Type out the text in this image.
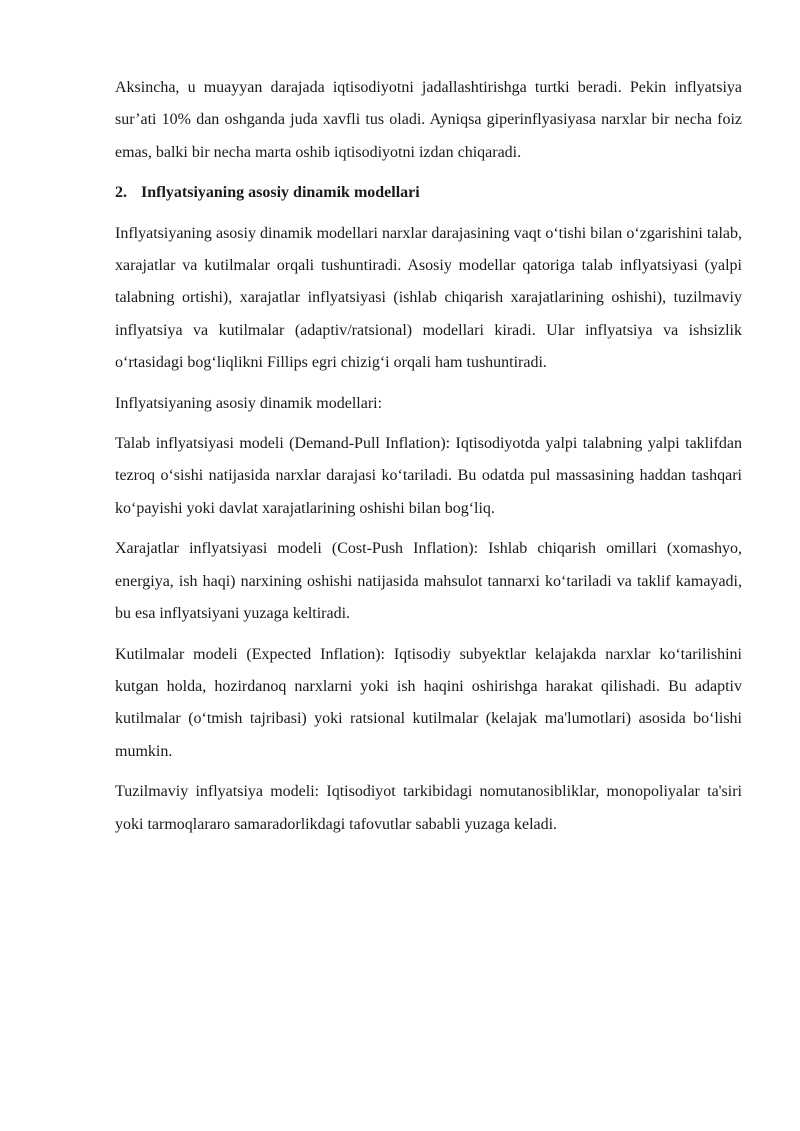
Aksincha, u muayyan darajada iqtisodiyotni jadallashtirishga turtki beradi. Pekin inflyatsiya sur’ati 10% dan oshganda juda xavfli tus oladi. Ayniqsa giperinflyasiyasa narxlar bir necha foiz emas, balki bir necha marta oshib iqtisodiyotni izdan chiqaradi.

2. Inflyatsiyaning asosiy dinamik modellari

Inflyatsiyaning asosiy dinamik modellari narxlar darajasining vaqt o‘tishi bilan o‘zgarishini talab, xarajatlar va kutilmalar orqali tushuntiradi. Asosiy modellar qatoriga talab inflyatsiyasi (yalpi talabning ortishi), xarajatlar inflyatsiyasi (ishlab chiqarish xarajatlarining oshishi), tuzilmaviy inflyatsiya va kutilmalar (adaptiv/ratsional) modellari kiradi. Ular inflyatsiya va ishsizlik o‘rtasidagi bog‘liqlikni Fillips egri chizig‘i orqali ham tushuntiradi.

Inflyatsiyaning asosiy dinamik modellari:

Talab inflyatsiyasi modeli (Demand-Pull Inflation): Iqtisodiyotda yalpi talabning yalpi taklifdan tezroq o‘sishi natijasida narxlar darajasi ko‘tariladi. Bu odatda pul massasining haddan tashqari ko‘payishi yoki davlat xarajatlarining oshishi bilan bog‘liq.

Xarajatlar inflyatsiyasi modeli (Cost-Push Inflation): Ishlab chiqarish omillari (xomashyo, energiya, ish haqi) narxining oshishi natijasida mahsulot tannarxi ko‘tariladi va taklif kamayadi, bu esa inflyatsiyani yuzaga keltiradi.

Kutilmalar modeli (Expected Inflation): Iqtisodiy subyektlar kelajakda narxlar ko‘tarilishini kutgan holda, hozirdanoq narxlarni yoki ish haqini oshirishga harakat qilishadi. Bu adaptiv kutilmalar (o‘tmish tajribasi) yoki ratsional kutilmalar (kelajak ma'lumotlari) asosida bo‘lishi mumkin.

Tuzilmaviy inflyatsiya modeli: Iqtisodiyot tarkibidagi nomutanosibliklar, monopoliyalar ta'siri yoki tarmoqlararo samaradorlikdagi tafovutlar sababli yuzaga keladi.
